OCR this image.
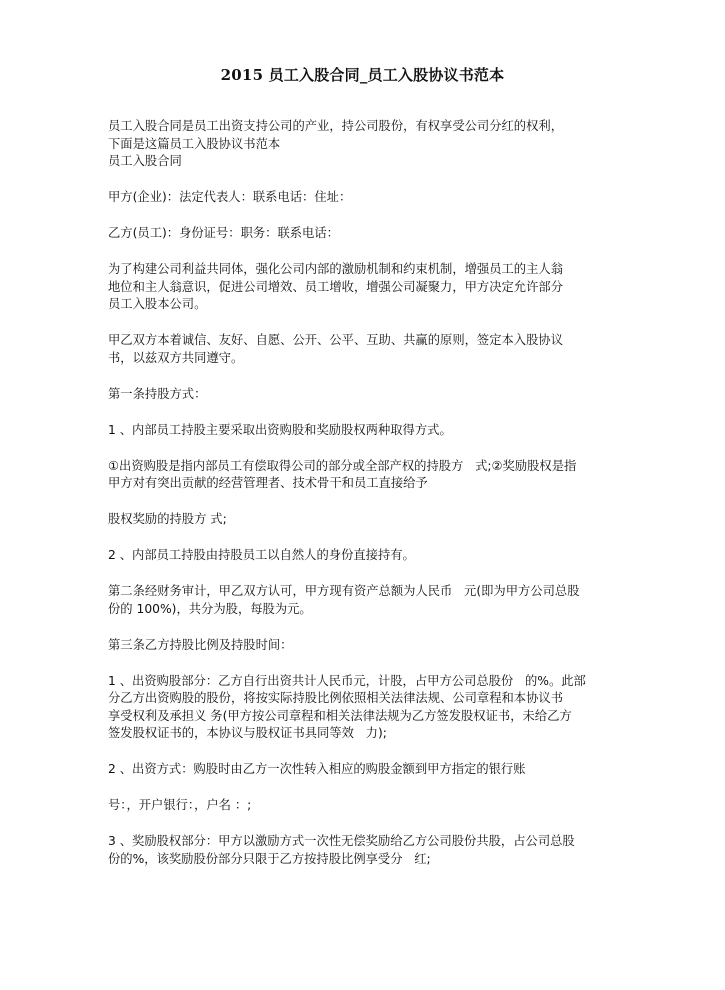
2015 员工入股合同_员工入股协议书范本
员工入股合同是员工出资支持公司的产业，持公司股份，有权享受公司分红的权利，
下面是这篇员工入股协议书范本
员工入股合同
甲方(企业)：法定代表人：联系电话：住址：
乙方(员工)：身份证号：职务：联系电话：
为了构建公司利益共同体，强化公司内部的激励机制和约束机制，增强员工的主人翁
地位和主人翁意识，促进公司增效、员工增收，增强公司凝聚力，甲方决定允许部分
员工入股本公司。
甲乙双方本着诚信、友好、自愿、公开、公平、互助、共赢的原则，签定本入股协议
书，以兹双方共同遵守。
第一条持股方式：
1 、内部员工持股主要采取出资购股和奖励股权两种取得方式。
①出资购股是指内部员工有偿取得公司的部分或全部产权的持股方   式;②奖励股权是指
甲方对有突出贡献的经营管理者、技术骨干和员工直接给予
股权奖励的持股方 式;
2 、内部员工持股由持股员工以自然人的身份直接持有。
第二条经财务审计，甲乙双方认可，甲方现有资产总额为人民币   元(即为甲方公司总股
份的 100%)，共分为股，每股为元。
第三条乙方持股比例及持股时间：
1 、出资购股部分：乙方自行出资共计人民币元，计股，占甲方公司总股份   的%。此部
分乙方出资购股的股份，将按实际持股比例依照相关法律法规、公司章程和本协议书
享受权利及承担义 务(甲方按公司章程和相关法律法规为乙方签发股权证书，未给乙方
签发股权证书的，本协议与股权证书具同等效   力);
2 、出资方式：购股时由乙方一次性转入相应的购股金额到甲方指定的银行账
号：，开户银行：，户名 ：;
3 、奖励股权部分：甲方以激励方式一次性无偿奖励给乙方公司股份共股，占公司总股
份的%，该奖励股份部分只限于乙方按持股比例享受分   红;
